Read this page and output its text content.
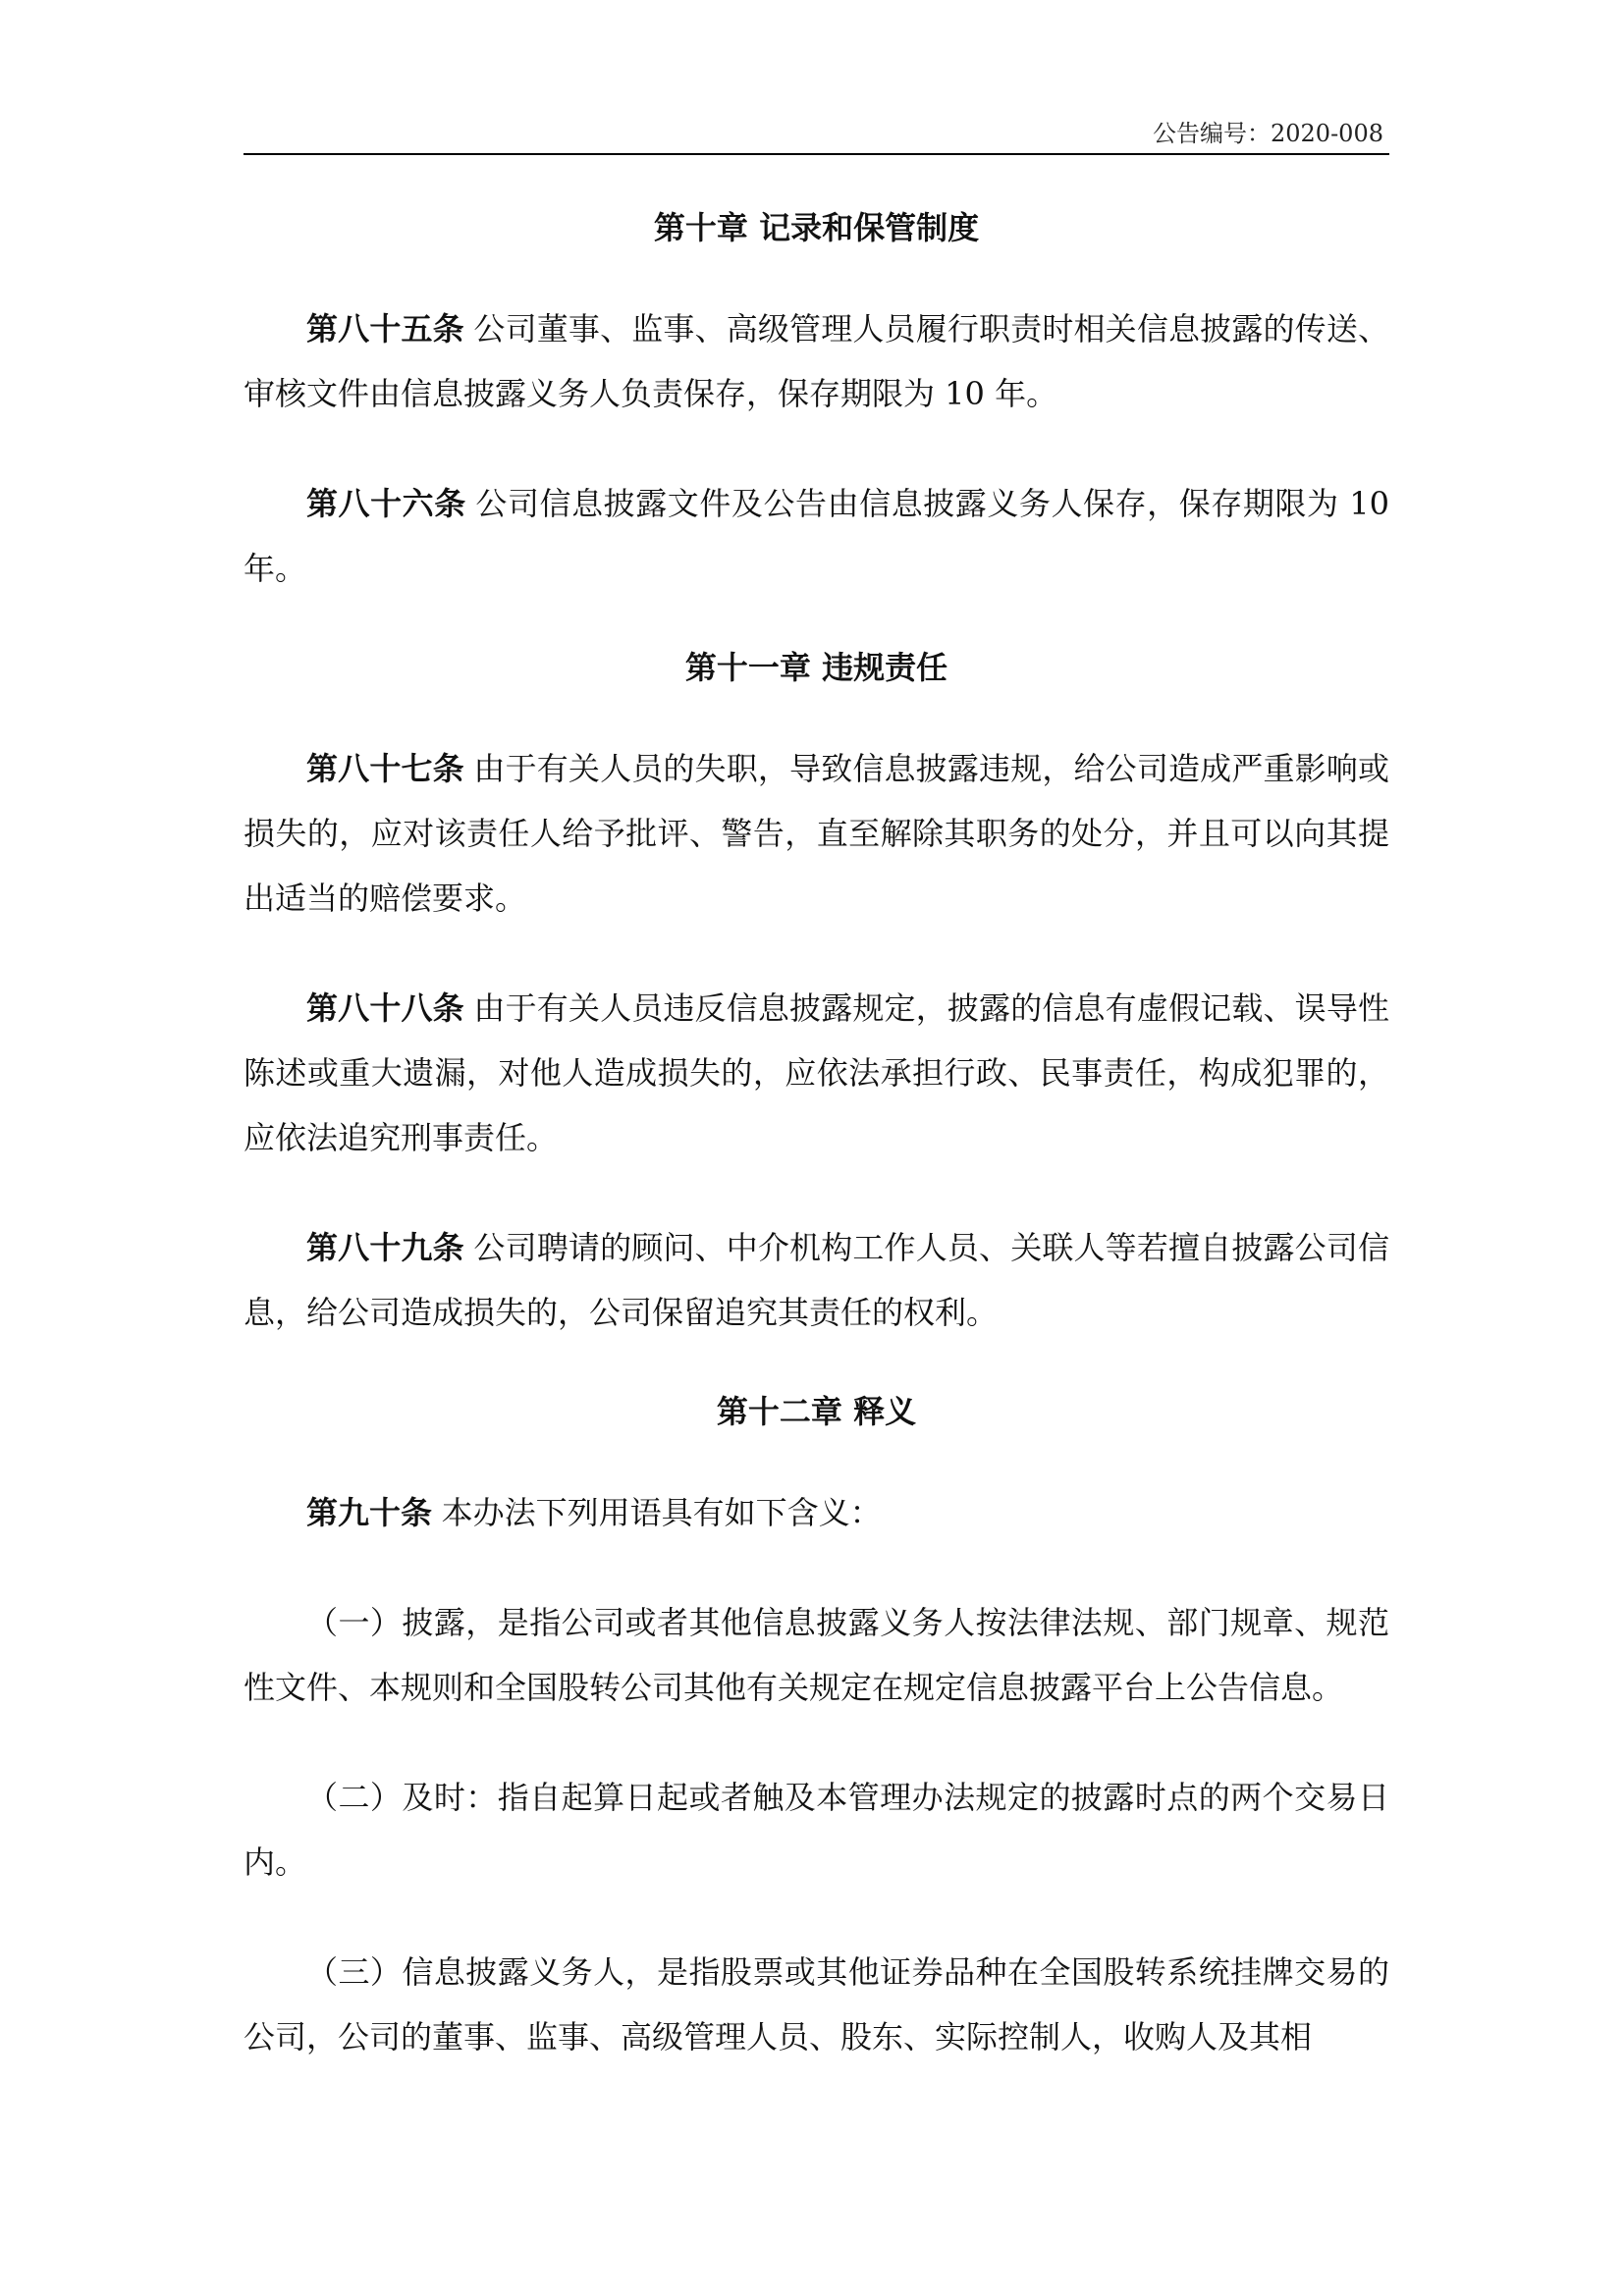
公告编号：2020-008
第十章 记录和保管制度

第八十五条 公司董事、监事、高级管理人员履行职责时相关信息披露的传送、审核文件由信息披露义务人负责保存，保存期限为 10 年。

第八十六条 公司信息披露文件及公告由信息披露义务人保存，保存期限为 10 年。

第十一章 违规责任

第八十七条 由于有关人员的失职，导致信息披露违规，给公司造成严重影响或损失的，应对该责任人给予批评、警告，直至解除其职务的处分，并且可以向其提出适当的赔偿要求。

第八十八条 由于有关人员违反信息披露规定，披露的信息有虚假记载、误导性陈述或重大遗漏，对他人造成损失的，应依法承担行政、民事责任，构成犯罪的，应依法追究刑事责任。

第八十九条 公司聘请的顾问、中介机构工作人员、关联人等若擅自披露公司信息，给公司造成损失的，公司保留追究其责任的权利。

第十二章 释义

第九十条 本办法下列用语具有如下含义：

（一）披露，是指公司或者其他信息披露义务人按法律法规、部门规章、规范性文件、本规则和全国股转公司其他有关规定在规定信息披露平台上公告信息。

（二）及时：指自起算日起或者触及本管理办法规定的披露时点的两个交易日内。

（三）信息披露义务人，是指股票或其他证券品种在全国股转系统挂牌交易的公司，公司的董事、监事、高级管理人员、股东、实际控制人，收购人及其相
